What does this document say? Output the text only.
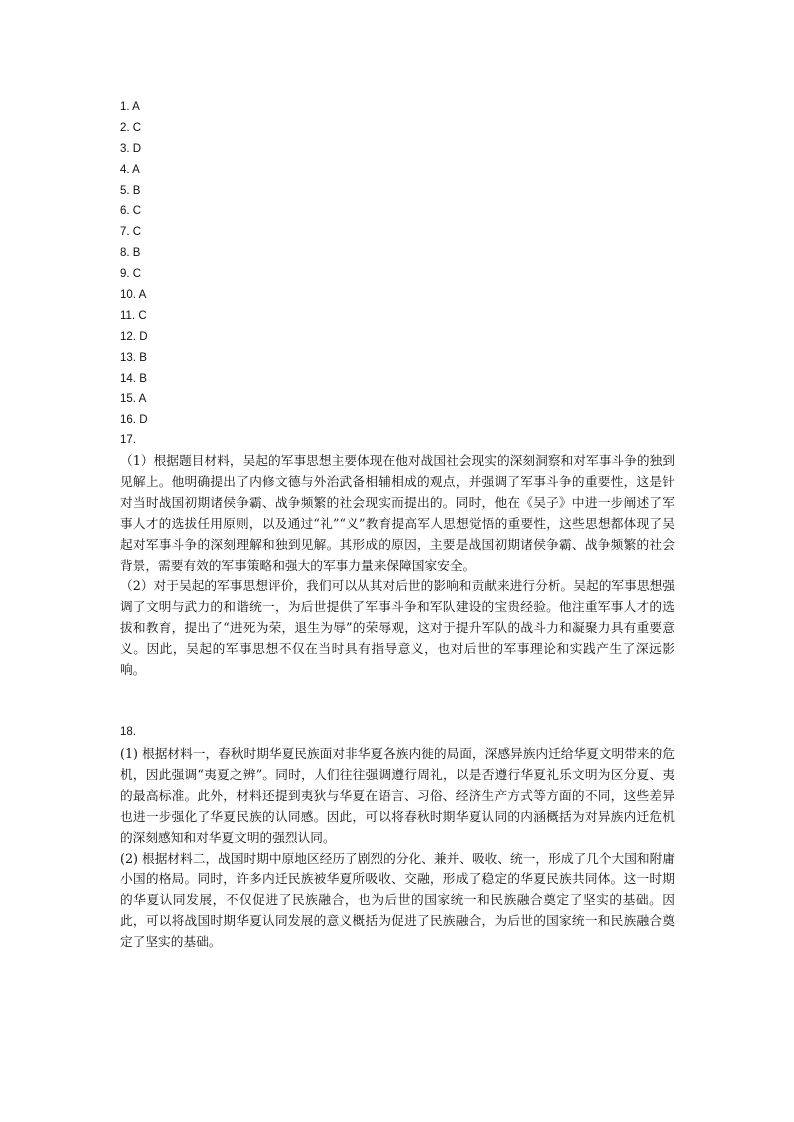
1. A
2. C
3. D
4. A
5. B
6. C
7. C
8. B
9. C
10. A
11. C
12. D
13. B
14. B
15. A
16. D
17.

（1）根据题目材料，吴起的军事思想主要体现在他对战国社会现实的深刻洞察和对军事斗争的独到见解上。他明确提出了内修文德与外治武备相辅相成的观点，并强调了军事斗争的重要性，这是针对当时战国初期诸侯争霸、战争频繁的社会现实而提出的。同时，他在《吴子》中进一步阐述了军事人才的选拔任用原则，以及通过“礼”“义”教育提高军人思想觉悟的重要性，这些思想都体现了吴起对军事斗争的深刻理解和独到见解。其形成的原因，主要是战国初期诸侯争霸、战争频繁的社会背景，需要有效的军事策略和强大的军事力量来保障国家安全。

（2）对于吴起的军事思想评价，我们可以从其对后世的影响和贡献来进行分析。吴起的军事思想强调了文明与武力的和谐统一，为后世提供了军事斗争和军队建设的宝贵经验。他注重军事人才的选拔和教育，提出了“进死为荣，退生为辱”的荣辱观，这对于提升军队的战斗力和凝聚力具有重要意义。因此，吴起的军事思想不仅在当时具有指导意义，也对后世的军事理论和实践产生了深远影响。

18.

(1) 根据材料一，春秋时期华夏民族面对非华夏各族内徙的局面，深感异族内迁给华夏文明带来的危机，因此强调“夷夏之辨”。同时，人们往往强调遵行周礼，以是否遵行华夏礼乐文明为区分夏、夷的最高标准。此外，材料还提到夷狄与华夏在语言、习俗、经济生产方式等方面的不同，这些差异也进一步强化了华夏民族的认同感。因此，可以将春秋时期华夏认同的内涵概括为对异族内迁危机的深刻感知和对华夏文明的强烈认同。

(2) 根据材料二，战国时期中原地区经历了剧烈的分化、兼并、吸收、统一，形成了几个大国和附庸小国的格局。同时，许多内迁民族被华夏所吸收、交融，形成了稳定的华夏民族共同体。这一时期的华夏认同发展，不仅促进了民族融合，也为后世的国家统一和民族融合奠定了坚实的基础。因此，可以将战国时期华夏认同发展的意义概括为促进了民族融合，为后世的国家统一和民族融合奠定了坚实的基础。
